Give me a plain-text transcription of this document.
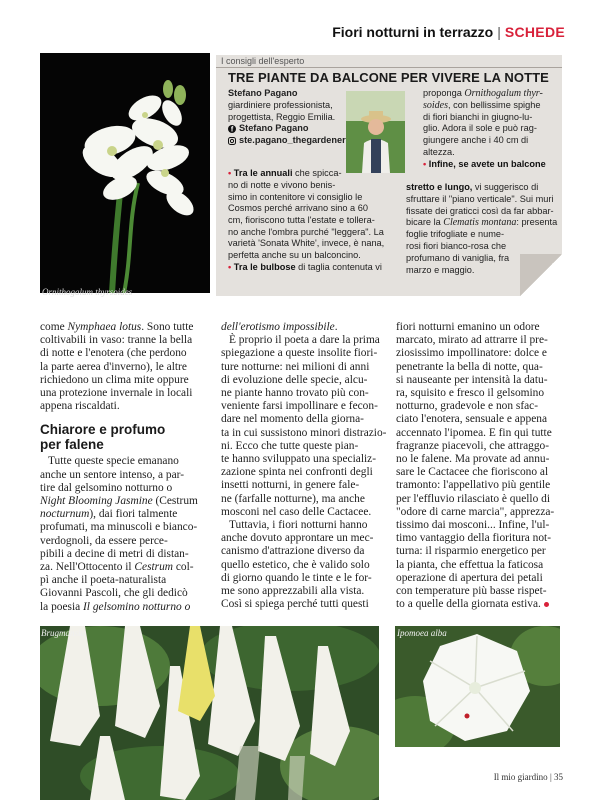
Fiori notturni in terrazzo | SCHEDE
Ornithogalum thyrsoides
I consigli dell'esperto
TRE PIANTE DA BALCONE PER VIVERE LA NOTTE
Stefano Pagano
giardiniere professionista,
progettista, Reggio Emilia.
f Stefano Pagano
ste.pagano_thegardener
• Tra le annuali che spicca-
no di notte e vivono benis-
simo in contenitore vi consiglio le
Cosmos perché arrivano sino a 60
cm, fioriscono tutta l'estate e tollera-
no anche l'ombra purché "leggera". La
varietà 'Sonata White', invece, è nana,
perfetta anche su un balconcino.
• Tra le bulbose di taglia contenuta vi
proponga Ornithogalum thyr-
soides, con bellissime spighe
di fiori bianchi in giugno-lu-
glio. Adora il sole e può rag-
giungere anche i 40 cm di
altezza.
• Infine, se avete un balcone
stretto e lungo, vi suggerisco di
sfruttare il "piano verticale". Sui muri
fissate dei graticci così da far abbar-
bicare la Clematis montana: presenta
foglie trifogliate e nume-
rosi fiori bianco-rosa che
profumano di vaniglia, fra
marzo e maggio.
come Nymphaea lotus. Sono tutte
coltivabili in vaso: tranne la bella
di notte e l'enotera (che perdono
la parte aerea d'inverno), le altre
richiedono un clima mite oppure
una protezione invernale in locali
appena riscaldati.
Chiarore e profumo
per falene
Tutte queste specie emanano
anche un sentore intenso, a par-
tire dal gelsomino notturno o
Night Blooming Jasmine (Cestrum
nocturnum), dai fiori talmente
profumati, ma minuscoli e bianco-
verdognoli, da essere perce-
pibili a decine di metri di distan-
za. Nell'Ottocento il Cestrum col-
pì anche il poeta-naturalista
Giovanni Pascoli, che gli dedicò
la poesia Il gelsomino notturno o
dell'erotismo impossibile.
È proprio il poeta a dare la prima
spiegazione a queste insolite fiori-
ture notturne: nei milioni di anni
di evoluzione delle specie, alcu-
ne piante hanno trovato più con-
veniente farsi impollinare e fecon-
dare nel momento della giorna-
ta in cui sussistono minori distrazio-
ni. Ecco che tutte queste pian-
te hanno sviluppato una specializ-
zazione spinta nei confronti degli
insetti notturni, in genere fale-
ne (farfalle notturne), ma anche
mosconi nel caso delle Cactacee.
Tuttavia, i fiori notturni hanno
anche dovuto approntare un mec-
canismo d'attrazione diverso da
quello estetico, che è valido solo
di giorno quando le tinte e le for-
me sono apprezzabili alla vista.
Così si spiega perché tutti questi
fiori notturni emanino un odore
marcato, mirato ad attrarre il pre-
ziosissimo impollinatore: dolce e
penetrante la bella di notte, qua-
si nauseante per intensità la datu-
ra, squisito e fresco il gelsomino
notturno, gradevole e non sfac-
ciato l'enotera, sensuale e appena
accennato l'ipomea. E fin qui tutte
fragranze piacevoli, che attraggo-
no le falene. Ma provate ad annu-
sare le Cactacee che fioriscono al
tramonto: l'appellativo più gentile
per l'effluvio rilasciato è quello di
"odore di carne marcia", apprezza-
tissimo dai mosconi... Infine, l'ul-
timo vantaggio della fioritura not-
turna: il risparmio energetico per
la pianta, che effettua la faticosa
operazione di apertura dei petali
con temperature più basse rispet-
to a quelle della giornata estiva.
Brugmansia	Ipomoea alba
Il mio giardino | 35
